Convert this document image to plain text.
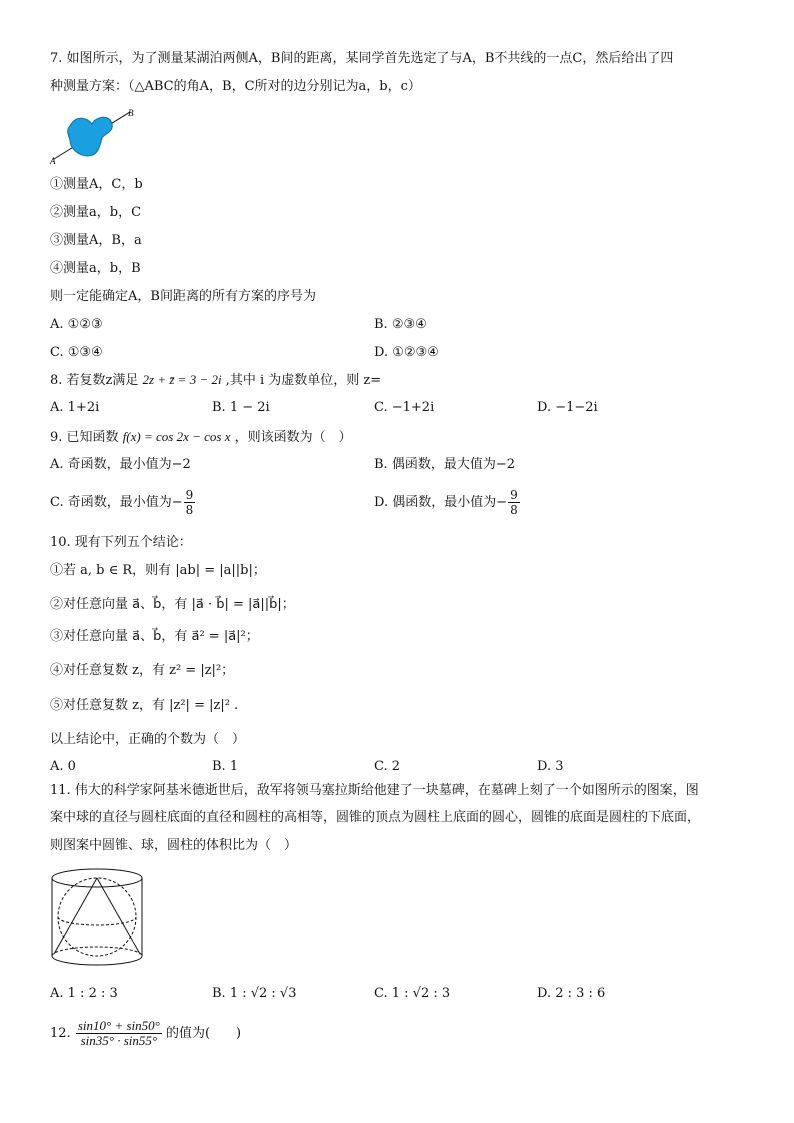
7. 如图所示，为了测量某湖泊两侧A，B间的距离，某同学首先选定了与A，B不共线的一点C，然后给出了四
种测量方案：（△ABC的角A，B，C所对的边分别记为a，b，c）
B
A
①测量A，C，b
②测量a，b，C
③测量A，B，a
④测量a，b，B
则一定能确定A，B间距离的所有方案的序号为
A. ①②③	B. ②③④
C. ①③④	D. ①②③④
8. 若复数z满足 2z + z̄ = 3 − 2i ,其中 i 为虚数单位，则 z=
A. 1+2i	B. 1 − 2i	C. −1+2i	D. −1−2i
9. 已知函数 f(x) = cos 2x − cos x ，则该函数为（　）
A. 奇函数，最小值为−2	B. 偶函数，最大值为−2
C. 奇函数，最小值为− $\frac{9}{8}$	D. 偶函数，最小值为− $\frac{9}{8}$
10. 现有下列五个结论：
①若 a, b ∈ R，则有 |ab| = |a||b|；
②对任意向量 a⃗、b⃗，有 |a⃗ · b⃗| = |a⃗||b⃗|；
③对任意向量 a⃗、b⃗，有 a⃗² = |a⃗|²；
④对任意复数 z，有 z² = |z|²；
⑤对任意复数 z，有 |z²| = |z|² .
以上结论中，正确的个数为（　）
A. 0	B. 1	C. 2	D. 3
11. 伟大的科学家阿基米德逝世后，敌军将领马塞拉斯给他建了一块墓碑，在墓碑上刻了一个如图所示的图案，图
案中球的直径与圆柱底面的直径和圆柱的高相等，圆锥的顶点为圆柱上底面的圆心，圆锥的底面是圆柱的下底面，
则图案中圆锥、球，圆柱的体积比为（　）
A. 1 : 2 : 3	B. 1 : √2 : √3	C. 1 : √2 : 3	D. 2 : 3 : 6
12. $\frac{\sin 10^\circ + \sin 50^\circ}{\sin 35^\circ \cdot \sin 55^\circ}$ 的值为(　　)
